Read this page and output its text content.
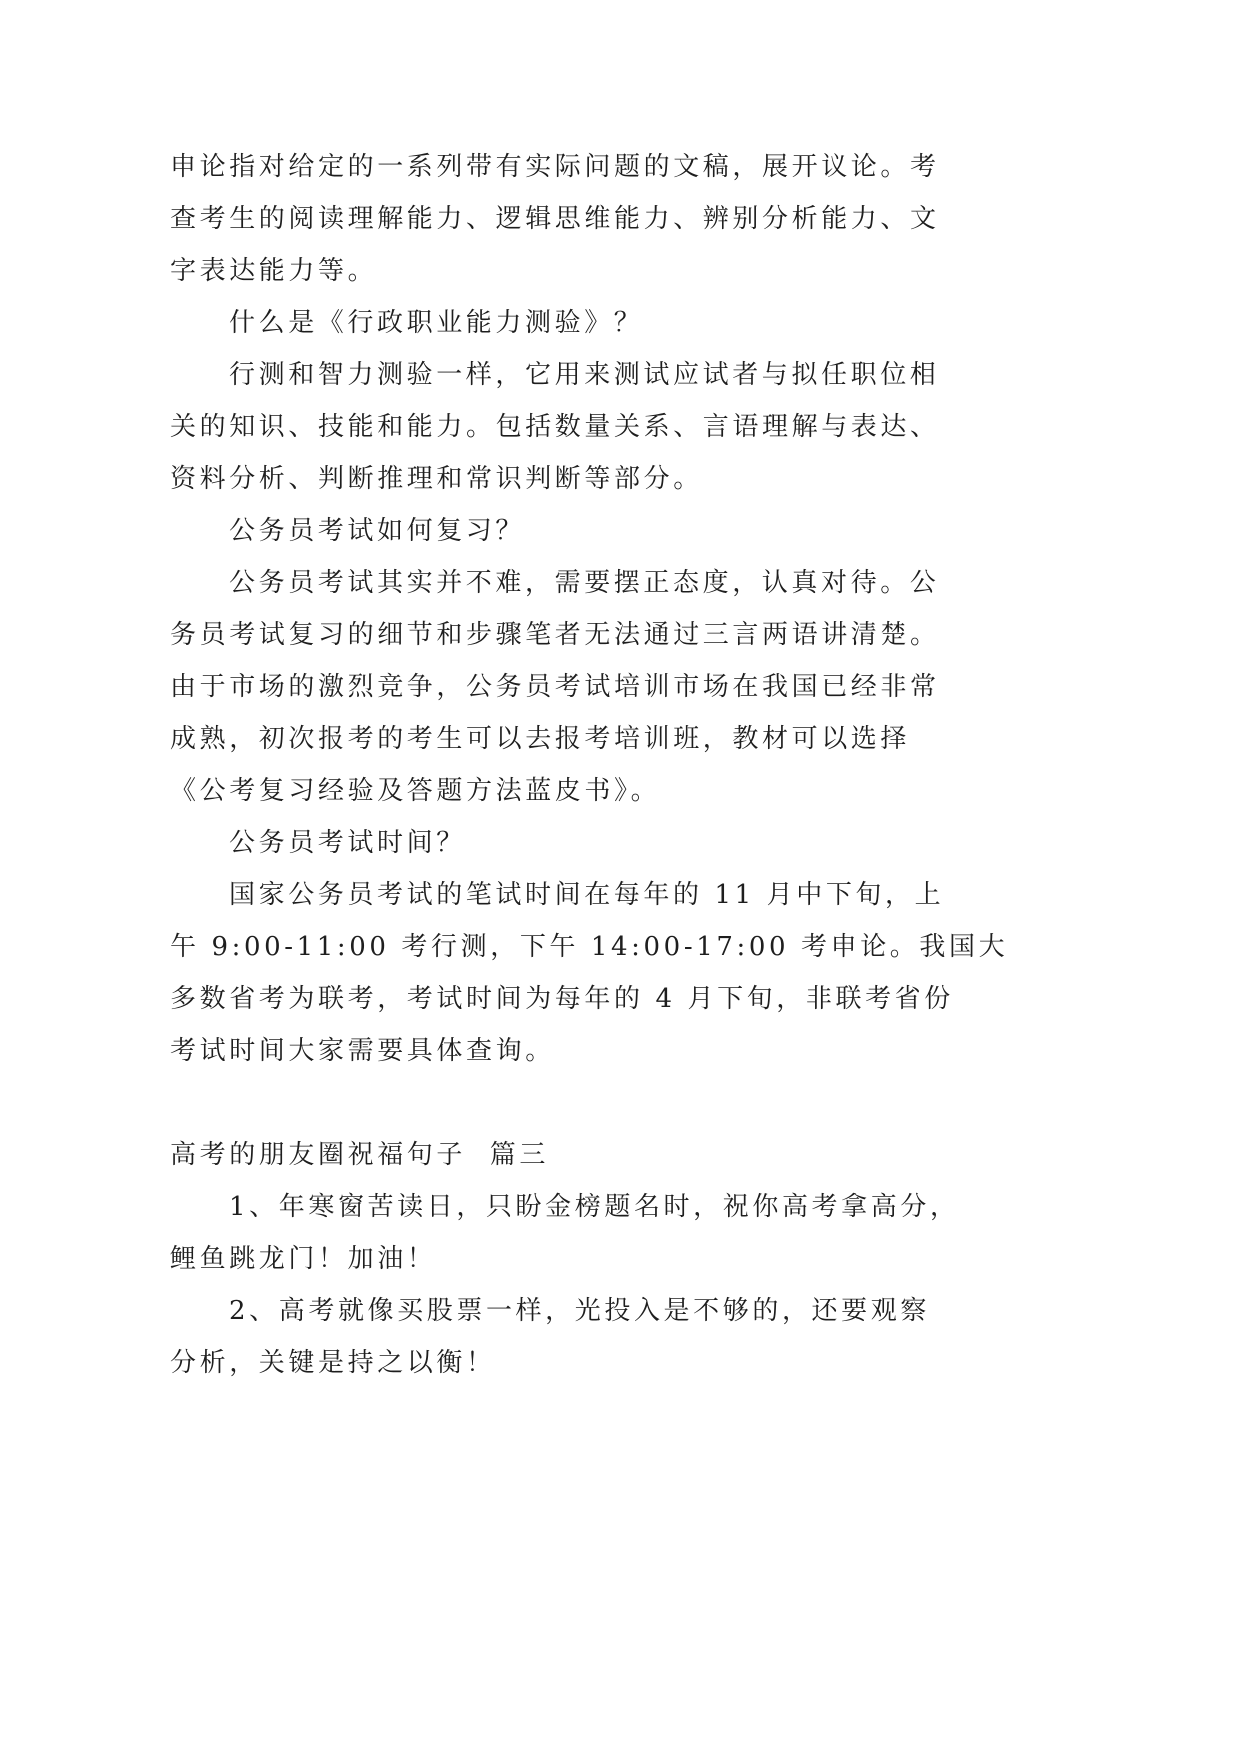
申论指对给定的一系列带有实际问题的文稿，展开议论。考
查考生的阅读理解能力、逻辑思维能力、辨别分析能力、文
字表达能力等。
什么是《行政职业能力测验》？
行测和智力测验一样，它用来测试应试者与拟任职位相
关的知识、技能和能力。包括数量关系、言语理解与表达、
资料分析、判断推理和常识判断等部分。
公务员考试如何复习？
公务员考试其实并不难，需要摆正态度，认真对待。公
务员考试复习的细节和步骤笔者无法通过三言两语讲清楚。
由于市场的激烈竞争，公务员考试培训市场在我国已经非常
成熟，初次报考的考生可以去报考培训班，教材可以选择
《公考复习经验及答题方法蓝皮书》。
公务员考试时间？
国家公务员考试的笔试时间在每年的 11 月中下旬，上
午 9:00-11:00 考行测，下午 14:00-17:00 考申论。我国大
多数省考为联考，考试时间为每年的 4 月下旬，非联考省份
考试时间大家需要具体查询。
高考的朋友圈祝福句子  篇三
1、年寒窗苦读日，只盼金榜题名时，祝你高考拿高分，
鲤鱼跳龙门！加油！
2、高考就像买股票一样，光投入是不够的，还要观察
分析，关键是持之以衡！
